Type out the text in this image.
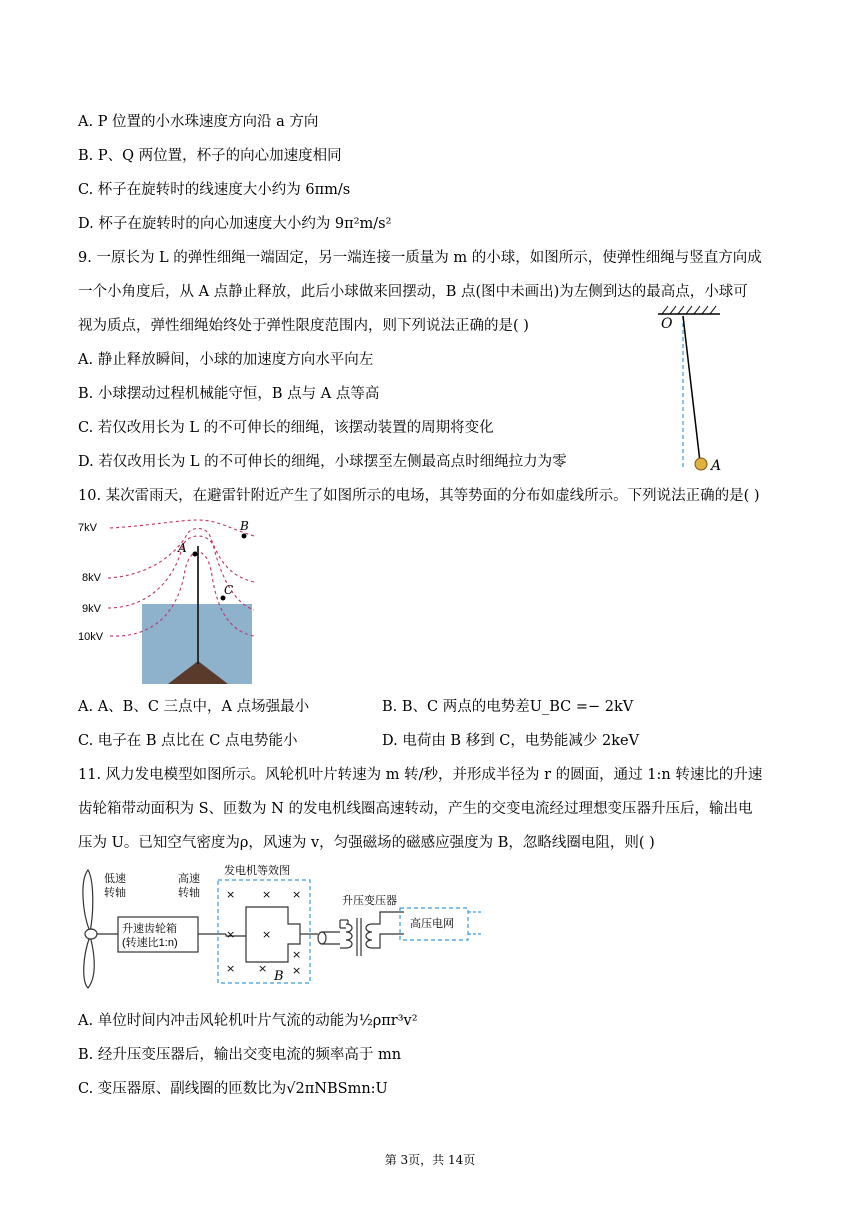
A. P 位置的小水珠速度方向沿 a 方向
B. P、Q 两位置，杯子的向心加速度相同
C. 杯子在旋转时的线速度大小约为 6πm/s
D. 杯子在旋转时的向心加速度大小约为 9π²m/s²
9. 一原长为 L 的弹性细绳一端固定，另一端连接一质量为 m 的小球，如图所示，使弹性细绳与竖直方向成
一个小角度后，从 A 点静止释放，此后小球做来回摆动，B 点(图中未画出)为左侧到达的最高点，小球可
视为质点，弹性细绳始终处于弹性限度范围内，则下列说法正确的是( )
A. 静止释放瞬间，小球的加速度方向水平向左
B. 小球摆动过程机械能守恒，B 点与 A 点等高
C. 若仅改用长为 L 的不可伸长的细绳，该摆动装置的周期将变化
D. 若仅改用长为 L 的不可伸长的细绳，小球摆至左侧最高点时细绳拉力为零
O
A
10. 某次雷雨天，在避雷针附近产生了如图所示的电场，其等势面的分布如虚线所示。下列说法正确的是( )
7kV
8kV
9kV
10kV
A
B
C
A. A、B、C 三点中，A 点场强最小	B. B、C 两点的电势差U_BC =− 2kV
C. 电子在 B 点比在 C 点电势能小	D. 电荷由 B 移到 C，电势能减少 2keV
11. 风力发电模型如图所示。风轮机叶片转速为 m 转/秒，并形成半径为 r 的圆面，通过 1:n 转速比的升速
齿轮箱带动面积为 S、匝数为 N 的发电机线圈高速转动，产生的交变电流经过理想变压器升压后，输出电
压为 U。已知空气密度为ρ，风速为 v，匀强磁场的磁感应强度为 B，忽略线圈电阻，则( )
低速
转轴
高速
转轴
升速齿轮箱
(转速比1:n)
发电机等效图
升压变压器
高压电网
× × ×
× ×
×
× × ×
B
A. 单位时间内冲击风轮机叶片气流的动能为½ρπr³v²
B. 经升压变压器后，输出交变电流的频率高于 mn
C. 变压器原、副线圈的匝数比为√2πNBSmn:U
第 3页，共 14页
